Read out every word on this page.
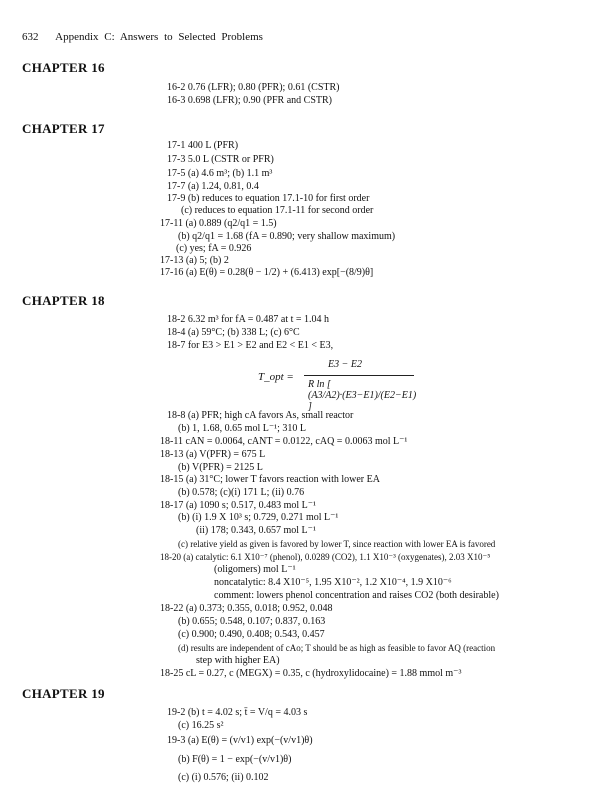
632 Appendix C: Answers to Selected Problems
CHAPTER 16
CHAPTER 17
CHAPTER 18
CHAPTER 19
16-2 0.76 (LFR); 0.80 (PFR); 0.61 (CSTR)
16-3 0.698 (LFR); 0.90 (PFR and CSTR)
17-1 400 L (PFR)
17-3 5.0 L (CSTR or PFR)
17-5 (a) 4.6 m³; (b) 1.1 m³
17-7 (a) 1.24, 0.81, 0.4
17-9 (b) reduces to equation 17.1-10 for first order
(c) reduces to equation 17.1-11 for second order
17-11 (a) 0.889 (q2/q1 = 1.5)
(b) q2/q1 = 1.68 (fA = 0.890; very shallow maximum)
(c) yes; fA = 0.926
17-13 (a) 5; (b) 2
17-16 (a) E(θ) = 0.28(θ − 1/2) + (6.413) exp[−(8/9)θ]
18-2 6.32 m³ for fA = 0.487 at t = 1.04 h
18-4 (a) 59°C; (b) 338 L; (c) 6°C
18-7 for E3 > E1 > E2 and E2 < E1 < E3,
T_opt =
E3 − E2
R ln [ (A3/A2)·(E3−E1)/(E2−E1) ]
18-8 (a) PFR; high cA favors As, small reactor
(b) 1, 1.68, 0.65 mol L⁻¹; 310 L
18-11 cAN = 0.0064, cANT = 0.0122, cAQ = 0.0063 mol L⁻¹
18-13 (a) V(PFR) = 675 L
(b) V(PFR) = 2125 L
18-15 (a) 31°C; lower T favors reaction with lower EA
(b) 0.578; (c)(i) 171 L; (ii) 0.76
18-17 (a) 1090 s; 0.517, 0.483 mol L⁻¹
(b) (i) 1.9 X 10³ s; 0.729, 0.271 mol L⁻¹
(ii) 178; 0.343, 0.657 mol L⁻¹
(c) relative yield as given is favored by lower T, since reaction with lower EA is favored
18-20 (a) catalytic: 6.1 X10⁻⁷ (phenol), 0.0289 (CO2), 1.1 X10⁻³ (oxygenates), 2.03 X10⁻⁵
(oligomers) mol L⁻¹
noncatalytic: 8.4 X10⁻⁵, 1.95 X10⁻², 1.2 X10⁻⁴, 1.9 X10⁻⁶
comment: lowers phenol concentration and raises CO2 (both desirable)
18-22 (a) 0.373; 0.355, 0.018; 0.952, 0.048
(b) 0.655; 0.548, 0.107; 0.837, 0.163
(c) 0.900; 0.490, 0.408; 0.543, 0.457
(d) results are independent of cAo; T should be as high as feasible to favor AQ (reaction
step with higher EA)
18-25 cL = 0.27, c (MEGX) = 0.35, c (hydroxylidocaine) = 1.88 mmol m⁻³
19-2 (b) t = 4.02 s; t̄ = V/q = 4.03 s
(c) 16.25 s²
19-3 (a) E(θ) = (v/v1) exp(−(v/v1)θ)
(b) F(θ) = 1 − exp(−(v/v1)θ)
(c) (i) 0.576; (ii) 0.102
